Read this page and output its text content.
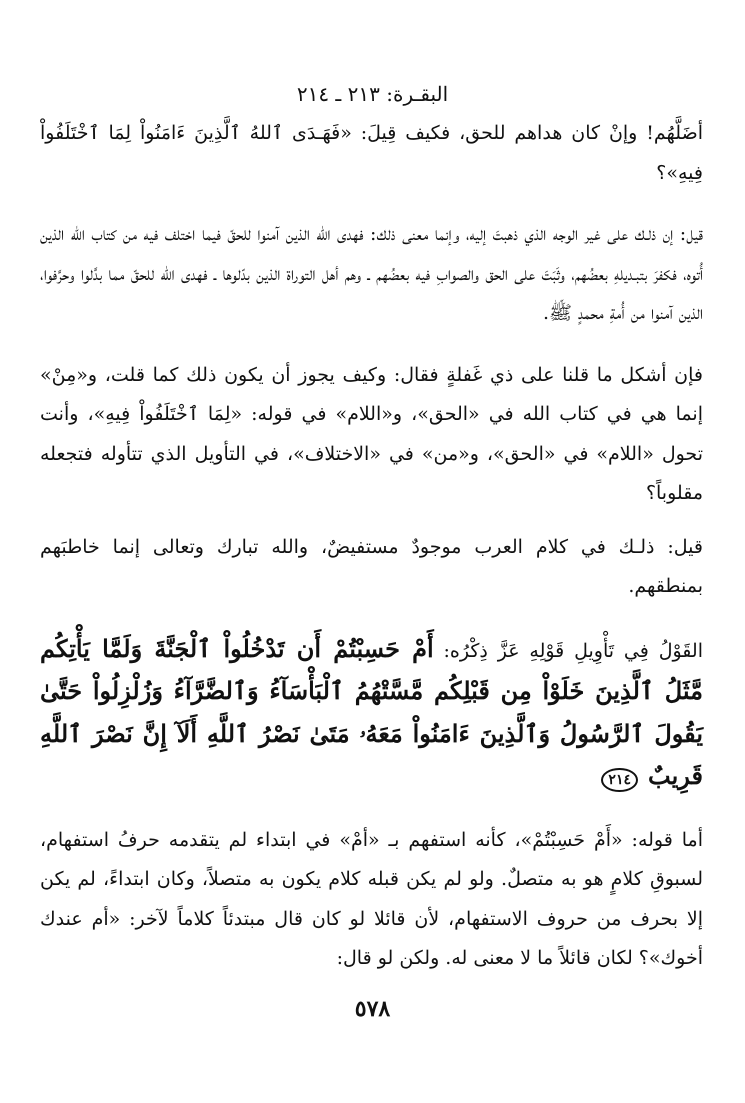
البقـرة: ٢١٣ ـ ٢١٤

أضَلَّهُم! وإنْ كان هداهم للحق، فكيف قِيلَ: «فَهَـدَى ٱللهُ ٱلَّذِينَ ءَامَنُواْ لِمَا ٱخْتَلَفُواْ فِيهِ»؟

قيل: إن ذلـك على غير الوجه الذي ذهبتَ إليه، وإنما معنى ذلك: فهدى الله الذين آمنوا للحقّ فيما اختلف فيه من كتاب الله الذين أُتوه، فكفرَ بتبـديلهِ بعضُهم، وثَبَتَ على الحق والصوابِ فيه بعضُهم ـ وهم أهل التوراة الذين بدّلوها ـ فهدى الله للحقّ مما بدَّلوا وحرَّفوا، الذين آمنوا من أُمةِ محمدٍ ﷺ.

فإن أشكل ما قلنا على ذي غَفلةٍ فقال: وكيف يجوز أن يكون ذلك كما قلت، و«مِنْ» إنما هي في كتاب الله في «الحق»، و«اللام» في قوله: «لِمَا ٱخْتَلَفُواْ فِيهِ»، وأنت تحول «اللام» في «الحق»، و«من» في «الاختلاف»، في التأويل الذي تتأوله فتجعله مقلوباً؟

قيل: ذلـك في كلام العرب موجودٌ مستفيضٌ، والله تبارك وتعالى إنما خاطبَهم بمنطقهم.

القَوْلُ فِي تَأْوِيلِ قَوْلِهِ عَزَّ ذِكْرُه: أَمْ حَسِبْتُمْ أَن تَدْخُلُواْ ٱلْجَنَّةَ وَلَمَّا يَأْتِكُم مَّثَلُ ٱلَّذِينَ خَلَوْاْ مِن قَبْلِكُم مَّسَّتْهُمُ ٱلْبَأْسَآءُ وَٱلضَّرَّآءُ وَزُلْزِلُواْ حَتَّىٰ يَقُولَ ٱلرَّسُولُ وَٱلَّذِينَ ءَامَنُواْ مَعَهُۥ مَتَىٰ نَصْرُ ٱللَّهِ أَلَآ إِنَّ نَصْرَ ٱللَّهِ قَرِيبٌ ٢١٤

أما قوله: «أَمْ حَسِبْتُمْ»، كأنه استفهم بـ «أمْ» في ابتداء لم يتقدمه حرفُ استفهام، لسبوقِ كلامٍ هو به متصلٌ. ولو لم يكن قبله كلام يكون به متصلاً، وكان ابتداءً، لم يكن إلا بحرف من حروف الاستفهام، لأن قائلا لو كان قال مبتدئاً كلاماً لآخر: «أم عندك أخوك»؟ لكان قائلاً ما لا معنى له. ولكن لو قال:

٥٧٨
